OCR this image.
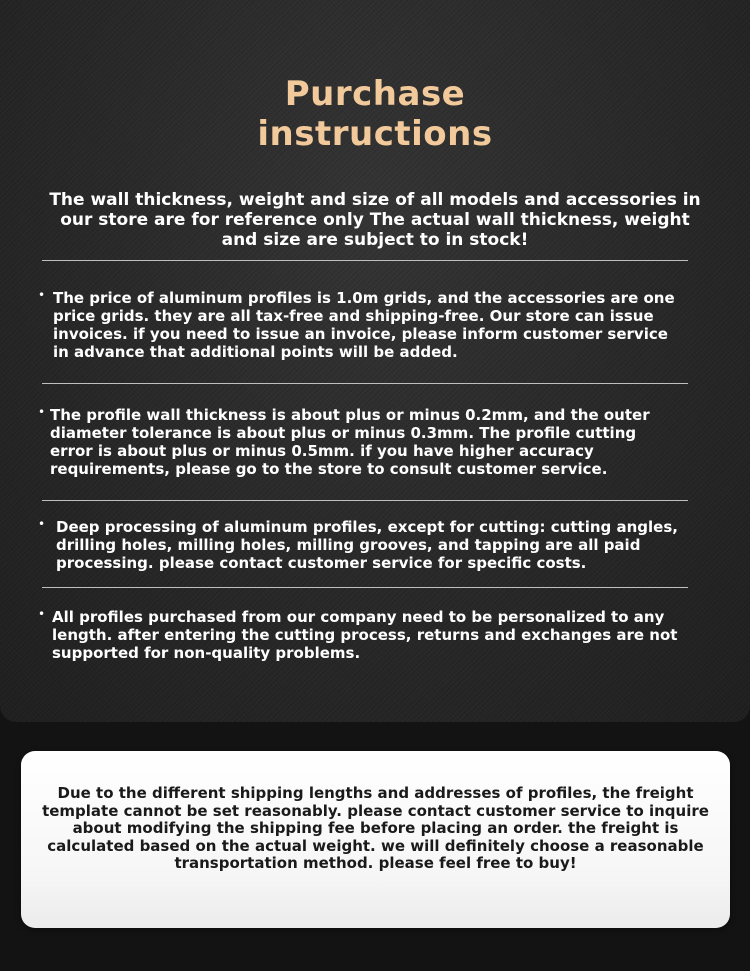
Purchase
instructions

The wall thickness, weight and size of all models and accessories in our store are for reference only The actual wall thickness, weight and size are subject to in stock!

• The price of aluminum profiles is 1.0m grids, and the accessories are one price grids. they are all tax-free and shipping-free. Our store can issue invoices. if you need to issue an invoice, please inform customer service in advance that additional points will be added.

• The profile wall thickness is about plus or minus 0.2mm, and the outer diameter tolerance is about plus or minus 0.3mm. The profile cutting error is about plus or minus 0.5mm. if you have higher accuracy requirements, please go to the store to consult customer service.

• Deep processing of aluminum profiles, except for cutting: cutting angles, drilling holes, milling holes, milling grooves, and tapping are all paid processing. please contact customer service for specific costs.

• All profiles purchased from our company need to be personalized to any length. after entering the cutting process, returns and exchanges are not supported for non-quality problems.

Due to the different shipping lengths and addresses of profiles, the freight template cannot be set reasonably. please contact customer service to inquire about modifying the shipping fee before placing an order. the freight is calculated based on the actual weight. we will definitely choose a reasonable transportation method. please feel free to buy!
